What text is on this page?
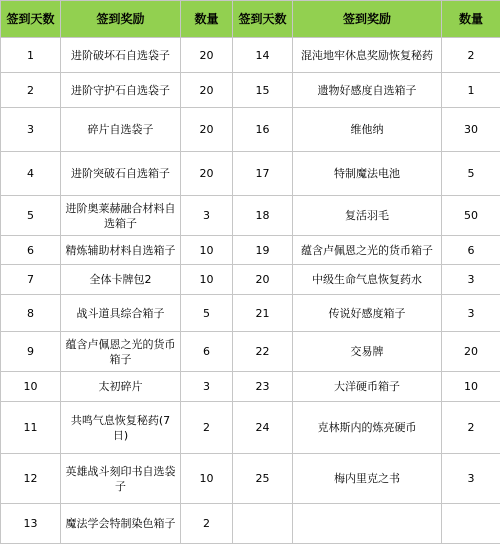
签到天数	签到奖励	数量	签到天数	签到奖励	数量
1	进阶破坏石自选袋子	20	14	混沌地牢休息奖励恢复秘药	2
2	进阶守护石自选袋子	20	15	遗物好感度自选箱子	1
3	碎片自选袋子	20	16	维他纳	30
4	进阶突破石自选箱子	20	17	特制魔法电池	5
5	进阶奥莱赫融合材料自选箱子	3	18	复活羽毛	50
6	精炼辅助材料自选箱子	10	19	蕴含卢佩恩之光的货币箱子	6
7	全体卡牌包2	10	20	中级生命气息恢复药水	3
8	战斗道具综合箱子	5	21	传说好感度箱子	3
9	蕴含卢佩恩之光的货币箱子	6	22	交易牌	20
10	太初碎片	3	23	大洋硬币箱子	10
11	共鸣气息恢复秘药(7日)	2	24	克林斯内的炼亮硬币	2
12	英雄战斗刻印书自选袋子	10	25	梅内里克之书	3
13	魔法学会特制染色箱子	2			
